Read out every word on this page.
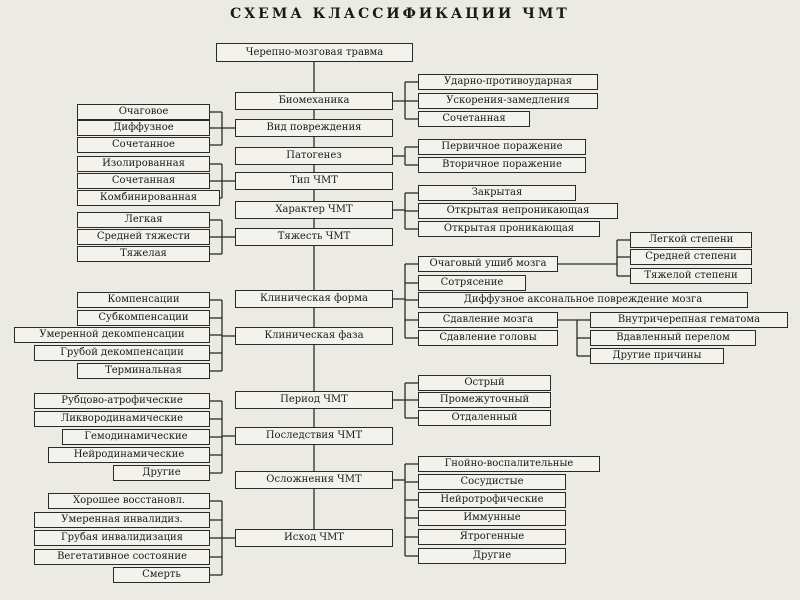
СХЕМА КЛАССИФИКАЦИИ ЧМТ
Черепно-мозговая травма
Биомеханика
Вид повреждения
Патогенез
Тип ЧМТ
Характер ЧМТ
Тяжесть ЧМТ
Клиническая форма
Клиническая фаза
Период ЧМТ
Последствия ЧМТ
Осложнения ЧМТ
Исход ЧМТ
Ударно-противоударная
Ускорения-замедления
Сочетанная
Очаговое
Диффузное
Сочетанное	Первичное поражение
Вторичное поражение
Изолированная
Сочетанная
Комбинированная	Закрытая
Открытая непроникающая
Открытая проникающая
Легкая
Средней тяжести
Тяжелая
Очаговый ушиб мозга
Сотрясение
Диффузное аксональное повреждение мозга
Сдавление мозга
Сдавление головы
Легкой степени
Средней степени
Тяжелой степени
Внутричерепная гематома
Вдавленный перелом
Другие причины
Компенсации
Субкомпенсации
Умеренной декомпенсации
Грубой декомпенсации
Терминальная
Острый
Промежуточный
Отдаленный
Рубцово-атрофические
Ликвородинамические
Гемодинамические
Нейродинамические
Другие
Гнойно-воспалительные
Сосудистые
Нейротрофические
Иммунные
Ятрогенные
Другие
Хорошее восстановл.
Умеренная инвалидиз.
Грубая инвалидизация
Вегетативное состояние
Смерть
